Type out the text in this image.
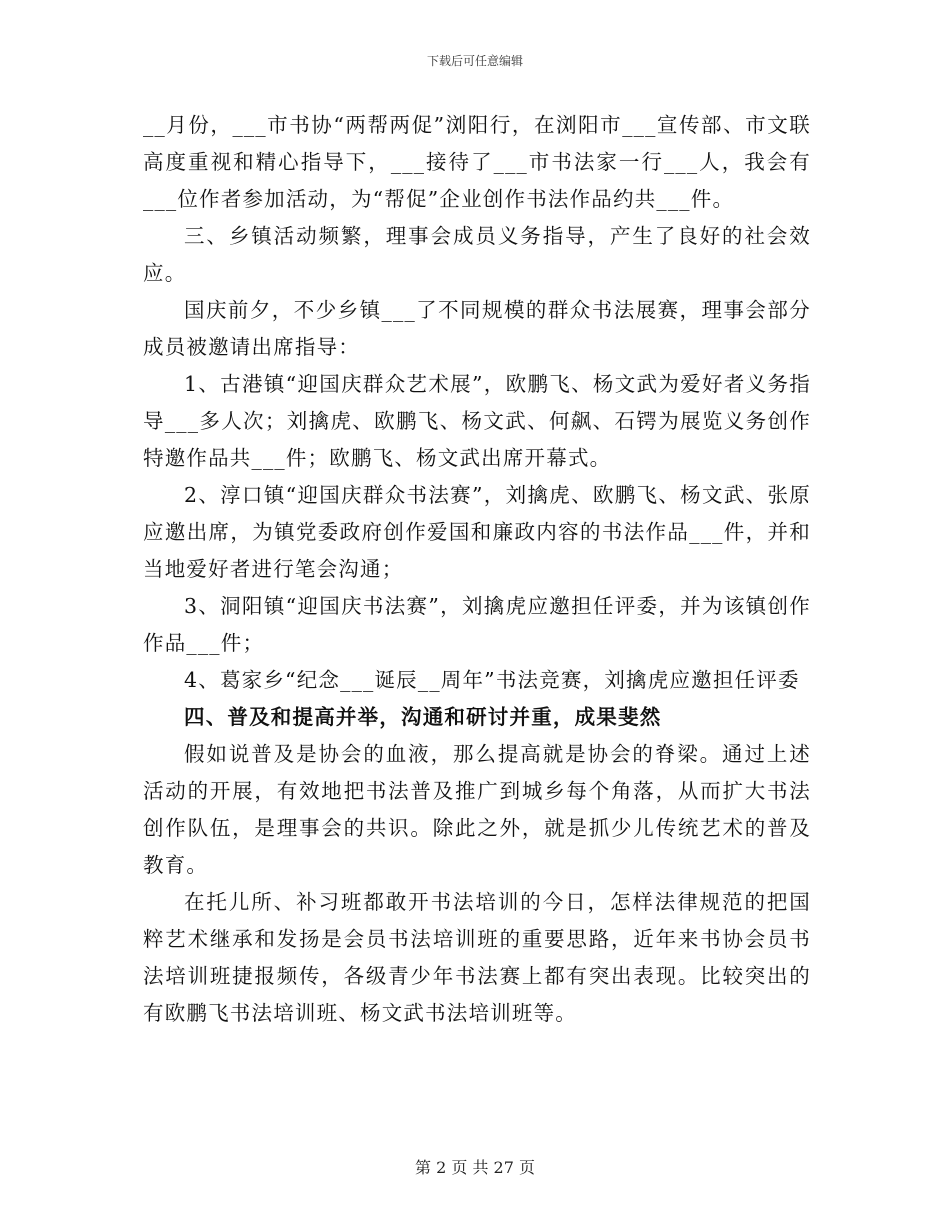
下载后可任意编辑

__月份，___市书协“两帮两促”浏阳行，在浏阳市___宣传部、市文联高度重视和精心指导下，___接待了___市书法家一行___人，我会有___位作者参加活动，为“帮促”企业创作书法作品约共___件。

三、乡镇活动频繁，理事会成员义务指导，产生了良好的社会效应。

国庆前夕，不少乡镇___了不同规模的群众书法展赛，理事会部分成员被邀请出席指导：

1、古港镇“迎国庆群众艺术展”，欧鹏飞、杨文武为爱好者义务指导___多人次；刘擒虎、欧鹏飞、杨文武、何飙、石锷为展览义务创作特邀作品共___件；欧鹏飞、杨文武出席开幕式。

2、淳口镇“迎国庆群众书法赛”，刘擒虎、欧鹏飞、杨文武、张原应邀出席，为镇党委政府创作爱国和廉政内容的书法作品___件，并和当地爱好者进行笔会沟通；

3、洞阳镇“迎国庆书法赛”，刘擒虎应邀担任评委，并为该镇创作作品___件；

4、葛家乡“纪念___诞辰__周年”书法竞赛，刘擒虎应邀担任评委

四、普及和提高并举，沟通和研讨并重，成果斐然

假如说普及是协会的血液，那么提高就是协会的脊梁。通过上述活动的开展，有效地把书法普及推广到城乡每个角落，从而扩大书法创作队伍，是理事会的共识。除此之外，就是抓少儿传统艺术的普及教育。

在托儿所、补习班都敢开书法培训的今日，怎样法律规范的把国粹艺术继承和发扬是会员书法培训班的重要思路，近年来书协会员书法培训班捷报频传，各级青少年书法赛上都有突出表现。比较突出的有欧鹏飞书法培训班、杨文武书法培训班等。

第 2 页 共 27 页
